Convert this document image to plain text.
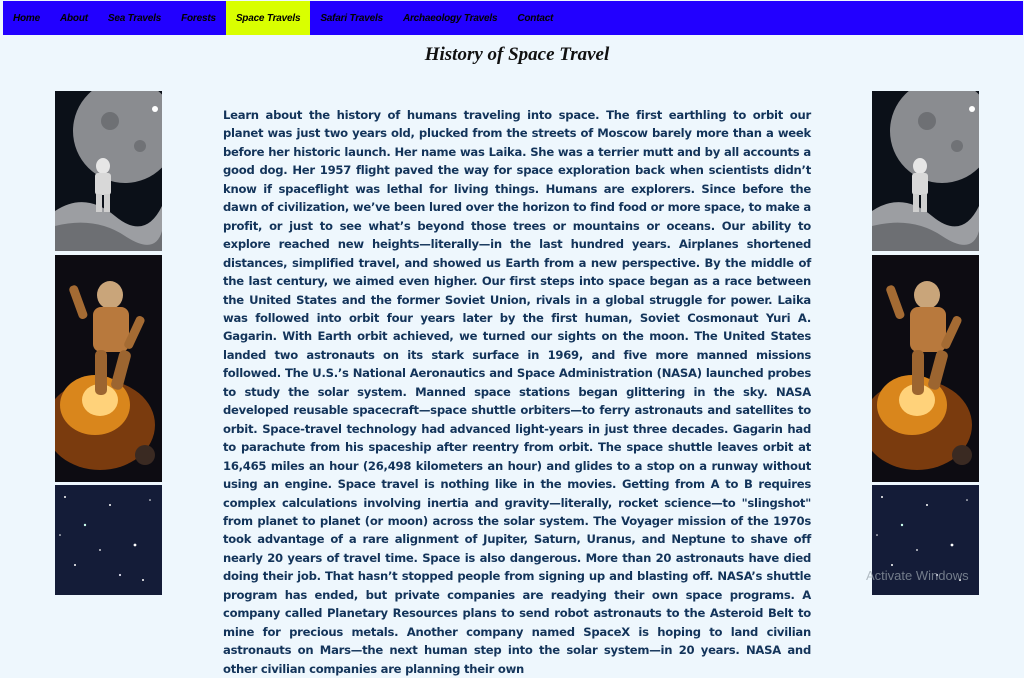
Home	About	Sea Travels	Forests	Space Travels	Safari Travels	Archaeology Travels	Contact
History of Space Travel

Learn about the history of humans traveling into space. The first earthling to orbit our planet was just two years old, plucked from the streets of Moscow barely more than a week before her historic launch. Her name was Laika. She was a terrier mutt and by all accounts a good dog. Her 1957 flight paved the way for space exploration back when scientists didn’t know if spaceflight was lethal for living things. Humans are explorers. Since before the dawn of civilization, we’ve been lured over the horizon to find food or more space, to make a profit, or just to see what’s beyond those trees or mountains or oceans. Our ability to explore reached new heights—literally—in the last hundred years. Airplanes shortened distances, simplified travel, and showed us Earth from a new perspective. By the middle of the last century, we aimed even higher. Our first steps into space began as a race between the United States and the former Soviet Union, rivals in a global struggle for power. Laika was followed into orbit four years later by the first human, Soviet Cosmonaut Yuri A. Gagarin. With Earth orbit achieved, we turned our sights on the moon. The United States landed two astronauts on its stark surface in 1969, and five more manned missions followed. The U.S.’s National Aeronautics and Space Administration (NASA) launched probes to study the solar system. Manned space stations began glittering in the sky. NASA developed reusable spacecraft—space shuttle orbiters—to ferry astronauts and satellites to orbit. Space-travel technology had advanced light-years in just three decades. Gagarin had to parachute from his spaceship after reentry from orbit. The space shuttle leaves orbit at 16,465 miles an hour (26,498 kilometers an hour) and glides to a stop on a runway without using an engine. Space travel is nothing like in the movies. Getting from A to B requires complex calculations involving inertia and gravity—literally, rocket science—to "slingshot" from planet to planet (or moon) across the solar system. The Voyager mission of the 1970s took advantage of a rare alignment of Jupiter, Saturn, Uranus, and Neptune to shave off nearly 20 years of travel time. Space is also dangerous. More than 20 astronauts have died doing their job. That hasn’t stopped people from signing up and blasting off. NASA’s shuttle program has ended, but private companies are readying their own space programs. A company called Planetary Resources plans to send robot astronauts to the Asteroid Belt to mine for precious metals. Another company named SpaceX is hoping to land civilian astronauts on Mars—the next human step into the solar system—in 20 years. NASA and other civilian companies are planning their own

Activate Windows
